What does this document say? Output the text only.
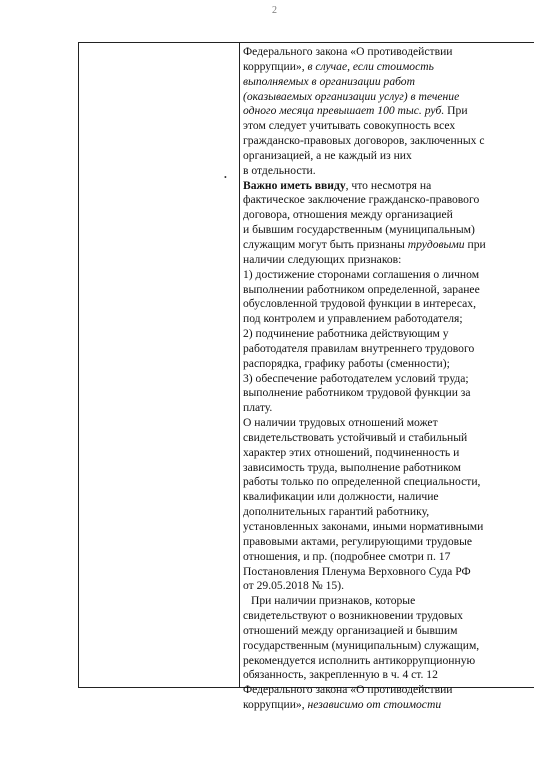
2
•

Федерального закона «О противодействии
коррупции», в случае, если стоимость
выполняемых в организации работ
(оказываемых организации услуг) в течение
одного месяца превышает 100 тыс. руб. При
этом следует учитывать совокупность всех
гражданско-правовых договоров, заключенных с
организацией, а не каждый из них
в отдельности.

Важно иметь ввиду, что несмотря на
фактическое заключение гражданско-правового
договора, отношения между организацией
и бывшим государственным (муниципальным)
служащим могут быть признаны трудовыми при
наличии следующих признаков:
1) достижение сторонами соглашения о личном
выполнении работником определенной, заранее
обусловленной трудовой функции в интересах,
под контролем и управлением работодателя;
2) подчинение работника действующим у
работодателя правилам внутреннего трудового
распорядка, графику работы (сменности);
3) обеспечение работодателем условий труда;
выполнение работником трудовой функции за
плату.

О наличии трудовых отношений может
свидетельствовать устойчивый и стабильный
характер этих отношений, подчиненность и
зависимость труда, выполнение работником
работы только по определенной специальности,
квалификации или должности, наличие
дополнительных гарантий работнику,
установленных законами, иными нормативными
правовыми актами, регулирующими трудовые
отношения, и пр. (подробнее смотри п. 17
Постановления Пленума Верховного Суда РФ
от 29.05.2018 № 15).

При наличии признаков, которые
свидетельствуют о возникновении трудовых
отношений между организацией и бывшим
государственным (муниципальным) служащим,
рекомендуется исполнить антикоррупционную
обязанность, закрепленную в ч. 4 ст. 12
Федерального закона «О противодействии
коррупции», независимо от стоимости
